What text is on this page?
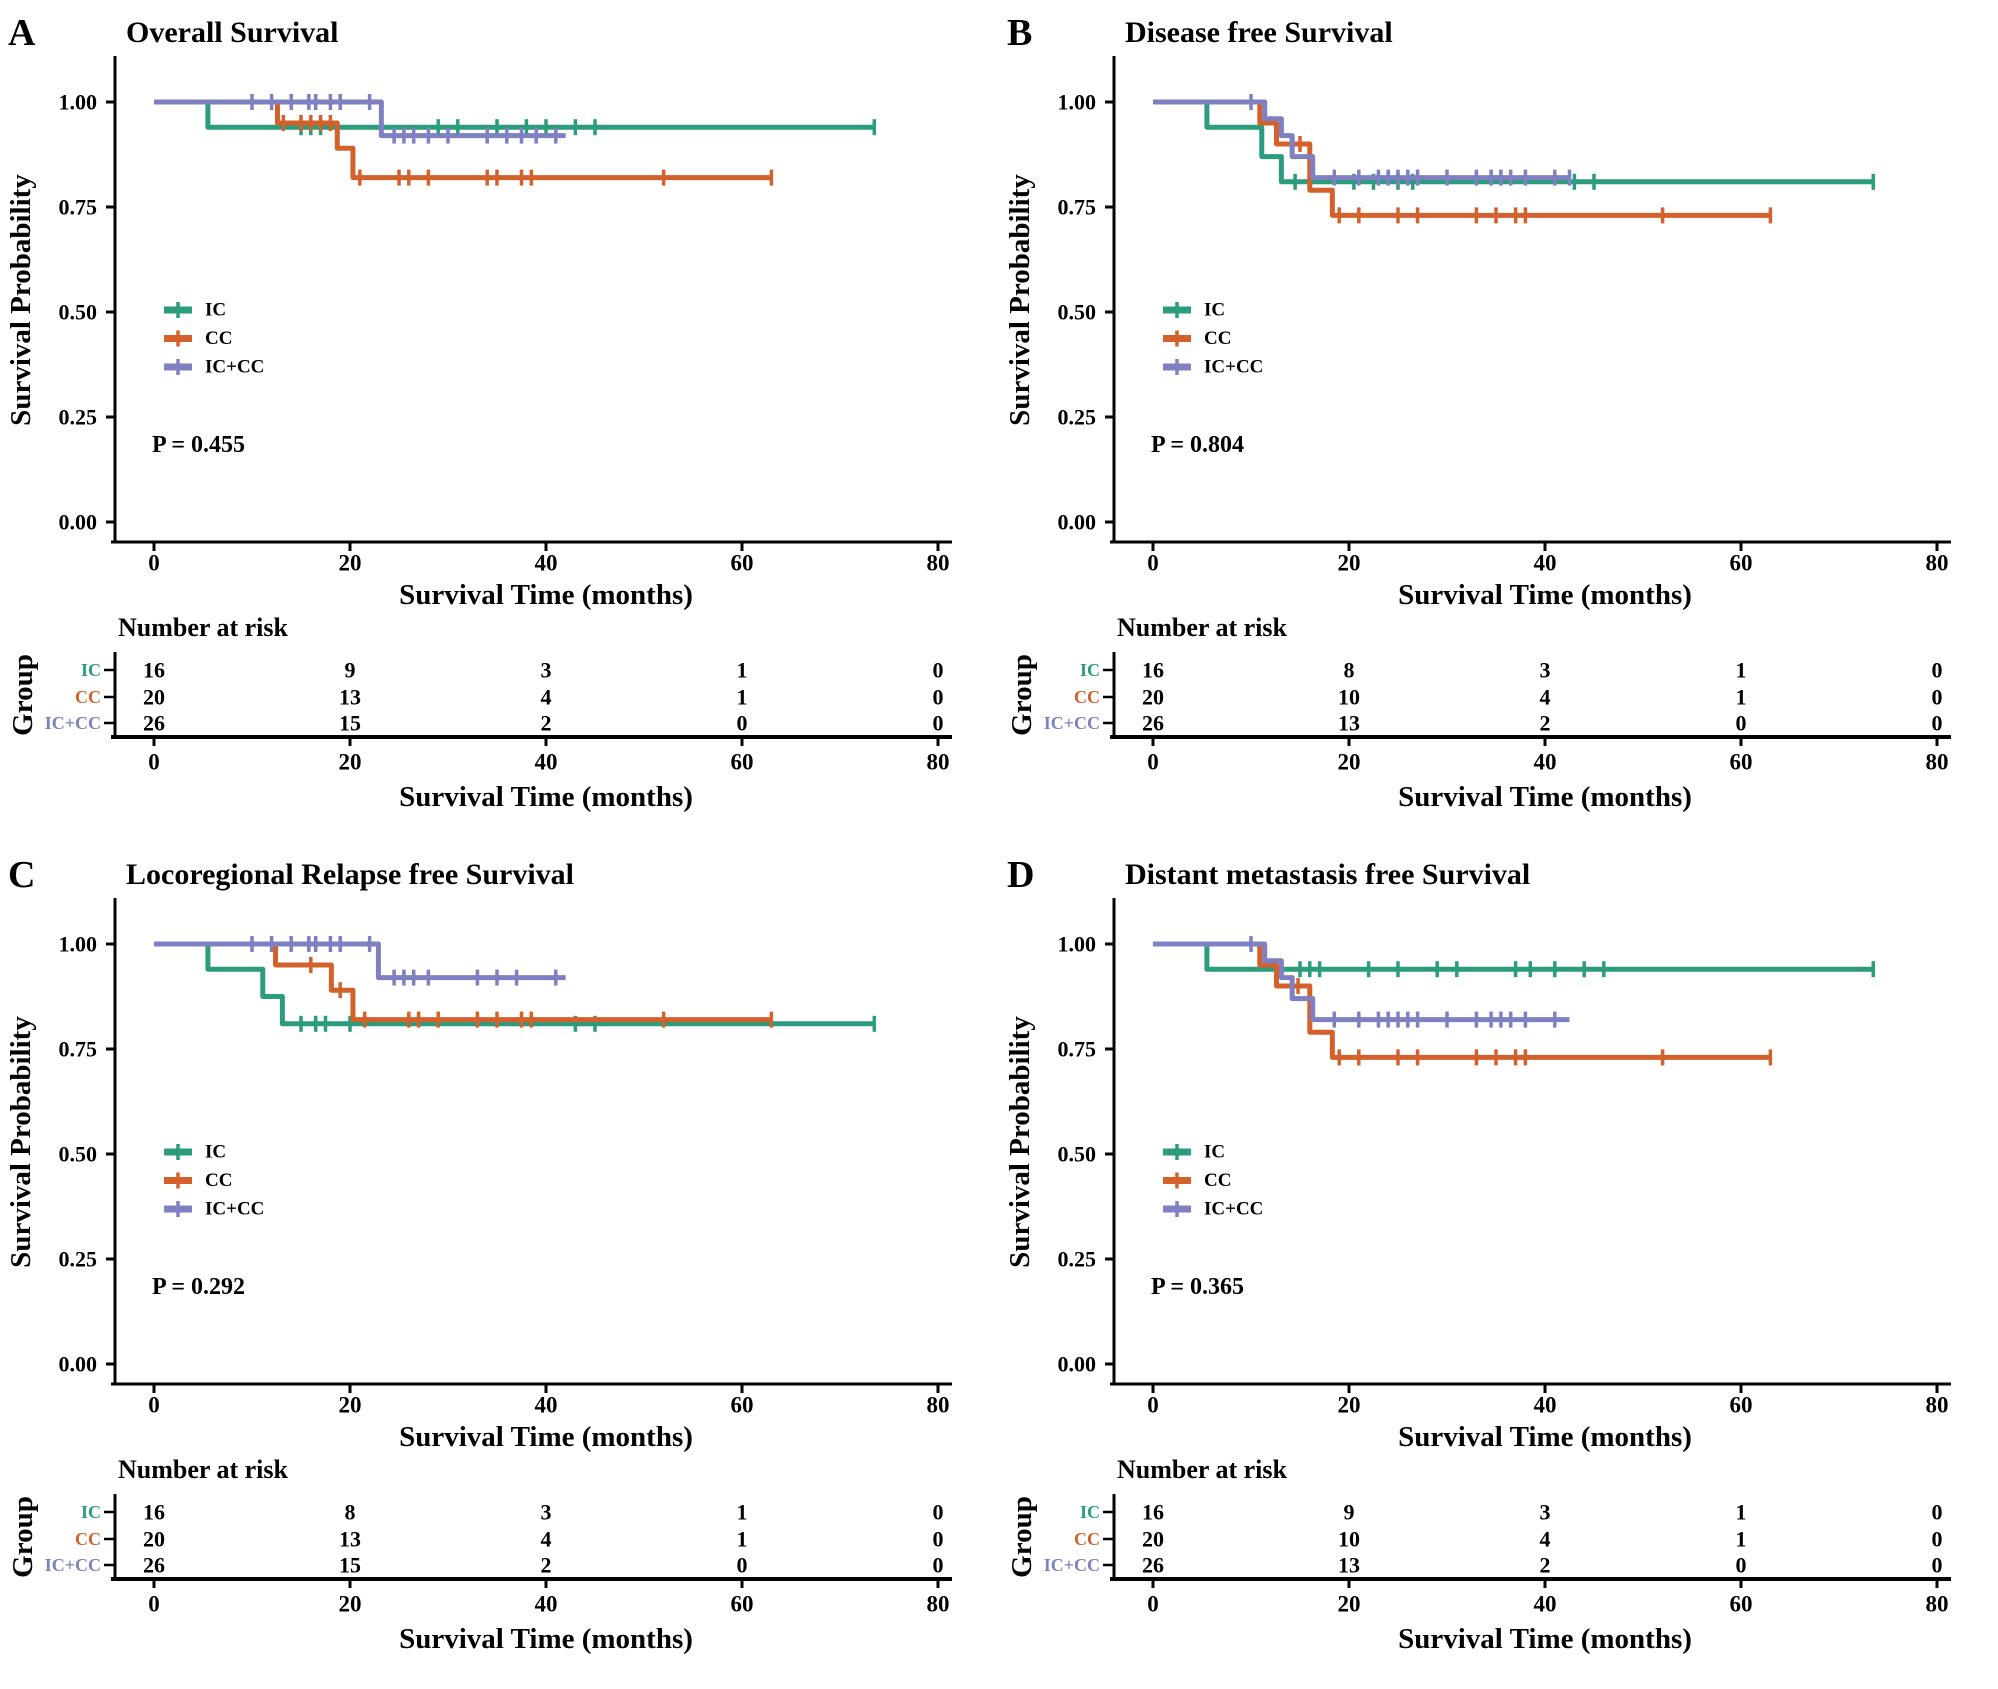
A	Overall Survival
1.00
0.75
0.50
0.25
0.00
0	20	40	60	80
Survival Time (months)
Survival Probability	IC
CC
IC+CC
P = 0.455
Number at risk
Group IC 16	9	3	1	0
CC 20	13	4	1	0
IC+CC 26	15	2	0	0
0	20	40	60	80
Survival Time (months)
B	Disease free Survival
1.00
0.75
0.50
0.25
0.00
0	20	40	60	80
Survival Time (months)
Survival Probability	IC
CC
IC+CC
P = 0.804
Number at risk
Group IC 16	8	3	1	0
CC 20	10	4	1	0
IC+CC 26	13	2	0	0
0	20	40	60	80
Survival Time (months)
C	Locoregional Relapse free Survival
1.00
0.75
0.50
0.25
0.00
0	20	40	60	80
Survival Time (months)
Survival Probability	IC
CC
IC+CC
P = 0.292
Number at risk
Group IC 16	8	3	1	0
CC 20	13	4	1	0
IC+CC 26	15	2	0	0
0	20	40	60	80
Survival Time (months)
D	Distant metastasis free Survival
1.00
0.75
0.50
0.25
0.00
0	20	40	60	80
Survival Time (months)
Survival Probability	IC
CC
IC+CC
P = 0.365
Number at risk
Group IC 16	9	3	1	0
CC 20	10	4	1	0
IC+CC 26	13	2	0	0
0	20	40	60	80
Survival Time (months)
